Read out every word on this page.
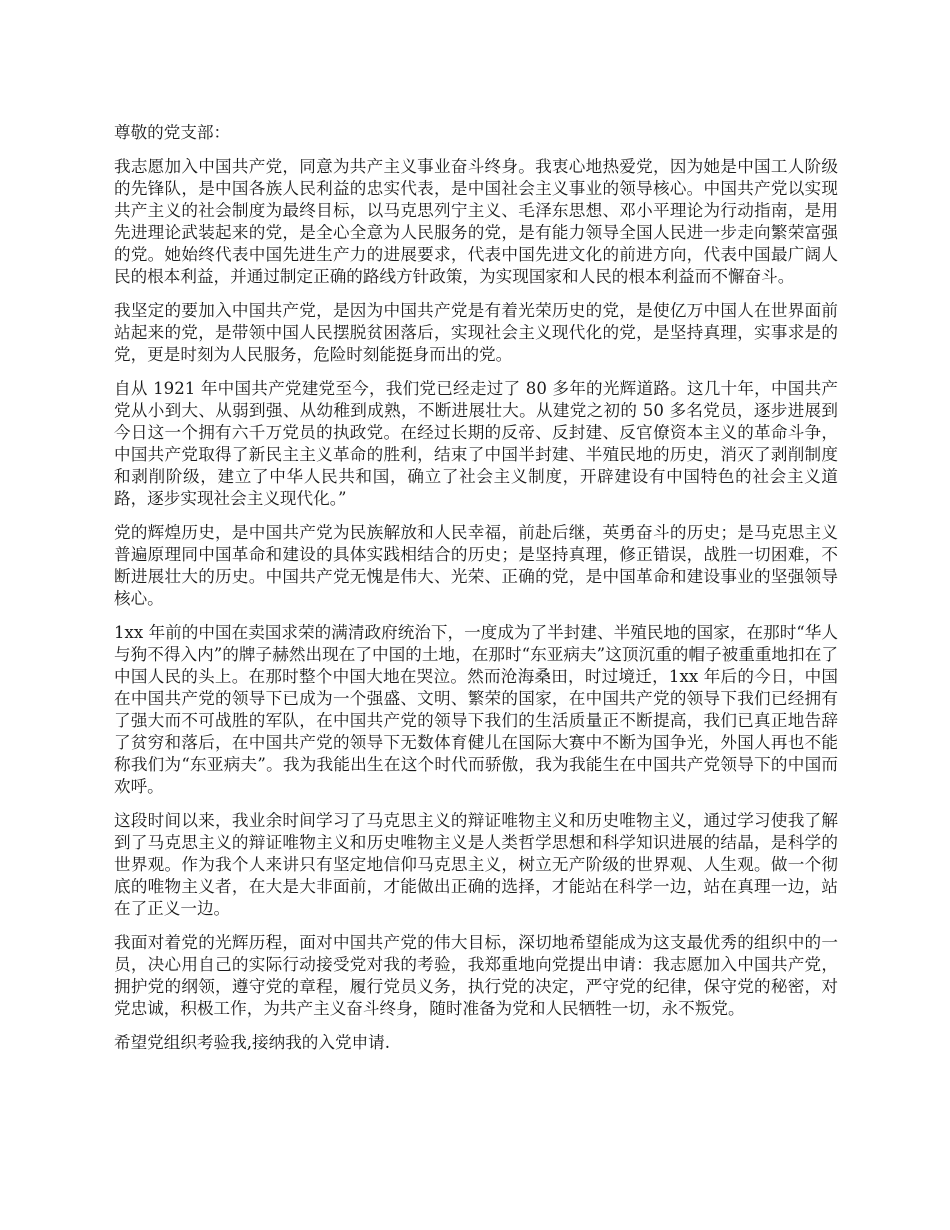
尊敬的党支部：

我志愿加入中国共产党，同意为共产主义事业奋斗终身。我衷心地热爱党，因为她是中国工人阶级的先锋队，是中国各族人民利益的忠实代表，是中国社会主义事业的领导核心。中国共产党以实现共产主义的社会制度为最终目标，以马克思列宁主义、毛泽东思想、邓小平理论为行动指南，是用先进理论武装起来的党，是全心全意为人民服务的党，是有能力领导全国人民进一步走向繁荣富强的党。她始终代表中国先进生产力的进展要求，代表中国先进文化的前进方向，代表中国最广阔人民的根本利益，并通过制定正确的路线方针政策，为实现国家和人民的根本利益而不懈奋斗。

我坚定的要加入中国共产党，是因为中国共产党是有着光荣历史的党，是使亿万中国人在世界面前站起来的党，是带领中国人民摆脱贫困落后，实现社会主义现代化的党，是坚持真理，实事求是的党，更是时刻为人民服务，危险时刻能挺身而出的党。

自从 1921 年中国共产党建党至今，我们党已经走过了 80 多年的光辉道路。这几十年，中国共产党从小到大、从弱到强、从幼稚到成熟，不断进展壮大。从建党之初的 50 多名党员，逐步进展到今日这一个拥有六千万党员的执政党。在经过长期的反帝、反封建、反官僚资本主义的革命斗争，中国共产党取得了新民主主义革命的胜利，结束了中国半封建、半殖民地的历史，消灭了剥削制度和剥削阶级，建立了中华人民共和国，确立了社会主义制度，开辟建设有中国特色的社会主义道路，逐步实现社会主义现代化。”

党的辉煌历史，是中国共产党为民族解放和人民幸福，前赴后继，英勇奋斗的历史；是马克思主义普遍原理同中国革命和建设的具体实践相结合的历史；是坚持真理，修正错误，战胜一切困难，不断进展壮大的历史。中国共产党无愧是伟大、光荣、正确的党，是中国革命和建设事业的坚强领导核心。

1xx 年前的中国在卖国求荣的满清政府统治下，一度成为了半封建、半殖民地的国家，在那时“华人与狗不得入内”的牌子赫然出现在了中国的土地，在那时“东亚病夫”这顶沉重的帽子被重重地扣在了中国人民的头上。在那时整个中国大地在哭泣。然而沧海桑田，时过境迁，1xx 年后的今日，中国在中国共产党的领导下已成为一个强盛、文明、繁荣的国家，在中国共产党的领导下我们已经拥有了强大而不可战胜的军队，在中国共产党的领导下我们的生活质量正不断提高，我们已真正地告辞了贫穷和落后，在中国共产党的领导下无数体育健儿在国际大赛中不断为国争光，外国人再也不能称我们为“东亚病夫”。我为我能出生在这个时代而骄傲，我为我能生在中国共产党领导下的中国而欢呼。

这段时间以来，我业余时间学习了马克思主义的辩证唯物主义和历史唯物主义，通过学习使我了解到了马克思主义的辩证唯物主义和历史唯物主义是人类哲学思想和科学知识进展的结晶，是科学的世界观。作为我个人来讲只有坚定地信仰马克思主义，树立无产阶级的世界观、人生观。做一个彻底的唯物主义者，在大是大非面前，才能做出正确的选择，才能站在科学一边，站在真理一边，站在了正义一边。

我面对着党的光辉历程，面对中国共产党的伟大目标，深切地希望能成为这支最优秀的组织中的一员，决心用自己的实际行动接受党对我的考验，我郑重地向党提出申请：我志愿加入中国共产党，拥护党的纲领，遵守党的章程，履行党员义务，执行党的决定，严守党的纪律，保守党的秘密，对党忠诚，积极工作，为共产主义奋斗终身，随时准备为党和人民牺牲一切，永不叛党。

希望党组织考验我,接纳我的入党申请.
